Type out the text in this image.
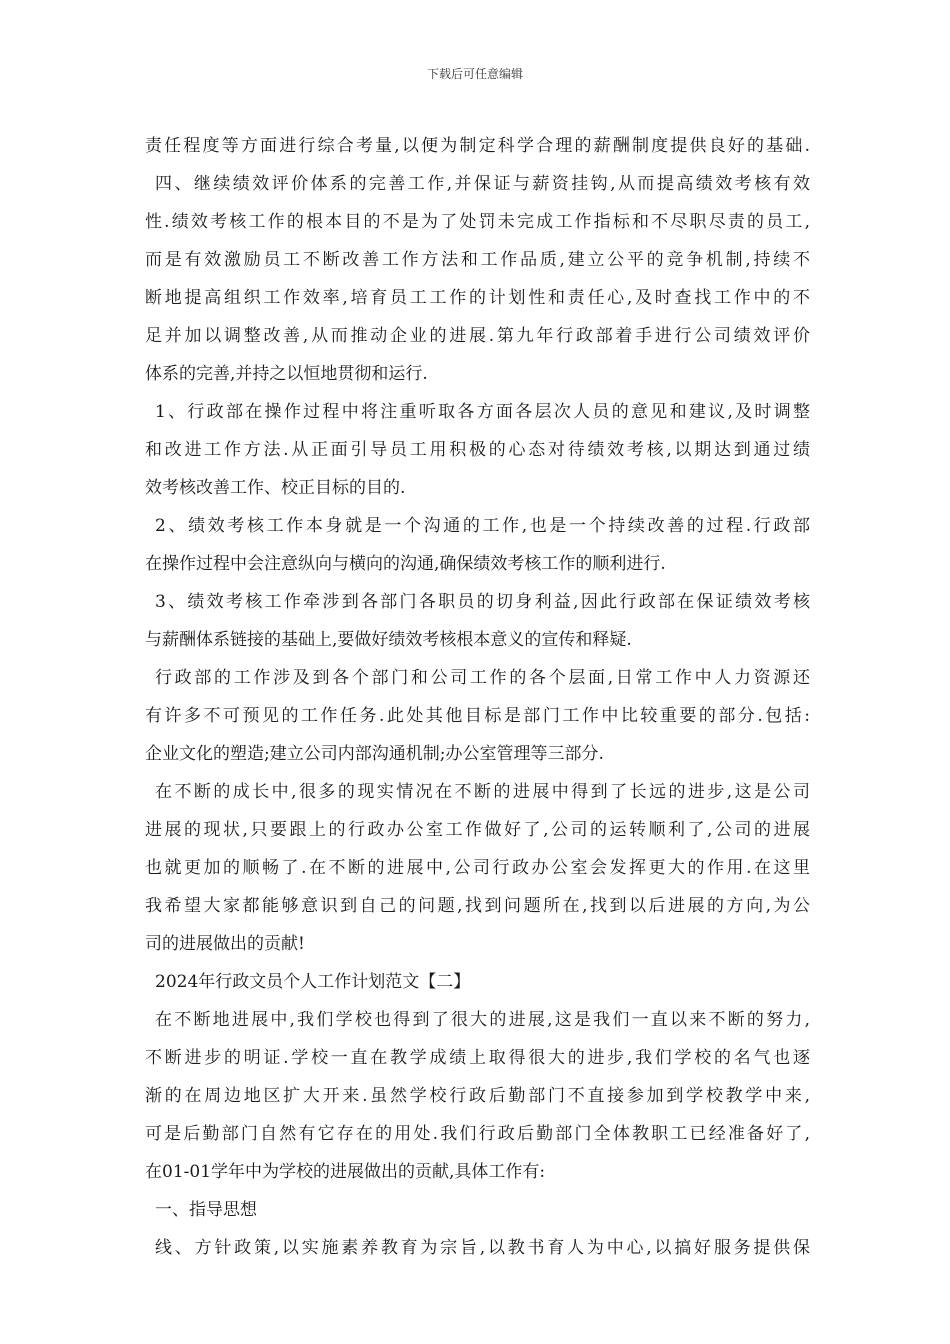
下载后可任意编辑
责任程度等方面进行综合考量,以便为制定科学合理的薪酬制度提供良好的基础.
四、继续绩效评价体系的完善工作,并保证与薪资挂钩,从而提高绩效考核有效
性.绩效考核工作的根本目的不是为了处罚未完成工作指标和不尽职尽责的员工,
而是有效激励员工不断改善工作方法和工作品质,建立公平的竞争机制,持续不
断地提高组织工作效率,培育员工工作的计划性和责任心,及时查找工作中的不
足并加以调整改善,从而推动企业的进展.第九年行政部着手进行公司绩效评价
体系的完善,并持之以恒地贯彻和运行.
1、行政部在操作过程中将注重听取各方面各层次人员的意见和建议,及时调整
和改进工作方法.从正面引导员工用积极的心态对待绩效考核,以期达到通过绩
效考核改善工作、校正目标的目的.
2、绩效考核工作本身就是一个沟通的工作,也是一个持续改善的过程.行政部
在操作过程中会注意纵向与横向的沟通,确保绩效考核工作的顺利进行.
3、绩效考核工作牵涉到各部门各职员的切身利益,因此行政部在保证绩效考核
与薪酬体系链接的基础上,要做好绩效考核根本意义的宣传和释疑.
行政部的工作涉及到各个部门和公司工作的各个层面,日常工作中人力资源还
有许多不可预见的工作任务.此处其他目标是部门工作中比较重要的部分.包括:
企业文化的塑造;建立公司内部沟通机制;办公室管理等三部分.
在不断的成长中,很多的现实情况在不断的进展中得到了长远的进步,这是公司
进展的现状,只要跟上的行政办公室工作做好了,公司的运转顺利了,公司的进展
也就更加的顺畅了.在不断的进展中,公司行政办公室会发挥更大的作用.在这里
我希望大家都能够意识到自己的问题,找到问题所在,找到以后进展的方向,为公
司的进展做出的贡献!
2024年行政文员个人工作计划范文【二】
在不断地进展中,我们学校也得到了很大的进展,这是我们一直以来不断的努力,
不断进步的明证.学校一直在教学成绩上取得很大的进步,我们学校的名气也逐
渐的在周边地区扩大开来.虽然学校行政后勤部门不直接参加到学校教学中来,
可是后勤部门自然有它存在的用处.我们行政后勤部门全体教职工已经准备好了,
在01-01学年中为学校的进展做出的贡献,具体工作有:
一、指导思想
线、方针政策,以实施素养教育为宗旨,以教书育人为中心,以搞好服务提供保
